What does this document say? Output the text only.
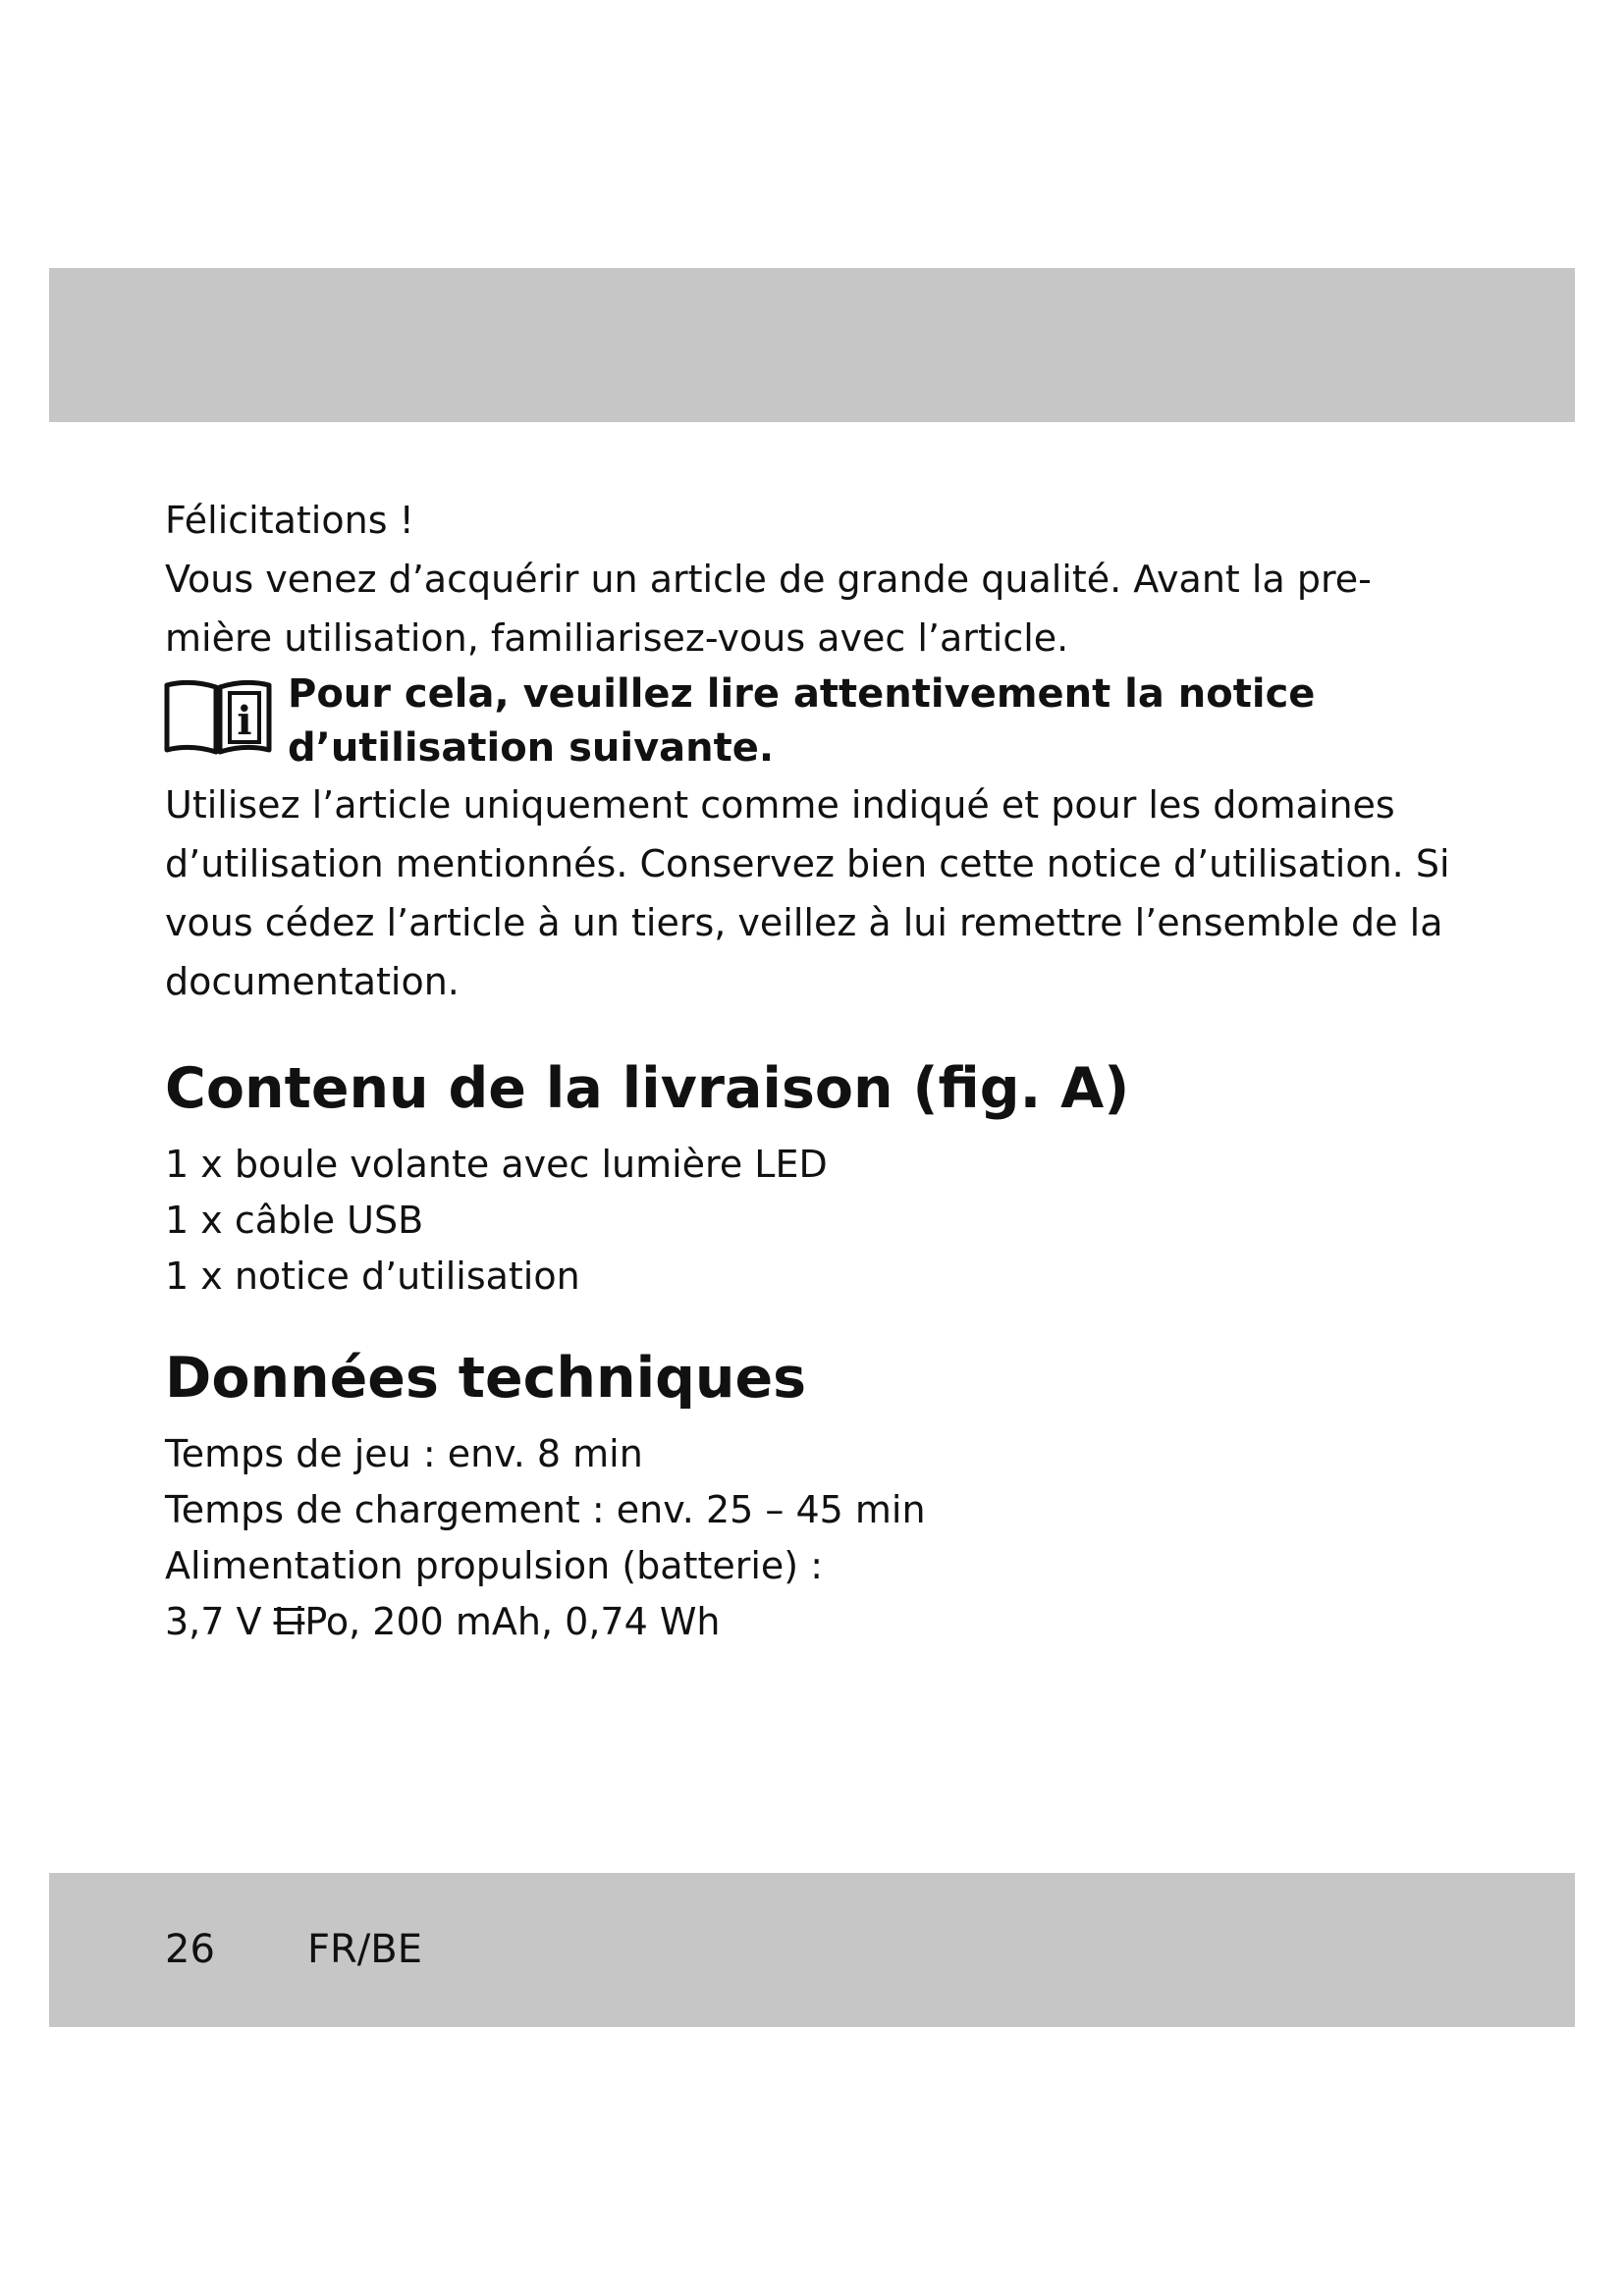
Félicitations !

Vous venez d’acquérir un article de grande qualité. Avant la pre-
mière utilisation, familiarisez-vous avec l’article.

i

Pour cela, veuillez lire attentivement la notice
d’utilisation suivante.

Utilisez l’article uniquement comme indiqué et pour les domaines d’utilisation mentionnés. Conservez bien cette notice d’utilisation. Si vous cédez l’article à un tiers, veillez à lui remettre l’ensemble de la documentation.

Contenu de la livraison (fig. A)
1 x boule volante avec lumière LED
1 x câble USB
1 x notice d’utilisation
Données techniques
Temps de jeu : env. 8 min
Temps de chargement : env. 25 – 45 min
Alimentation propulsion (batterie) :
3,7 V LiPo, 200 mAh, 0,74 Wh
26 FR/BE
